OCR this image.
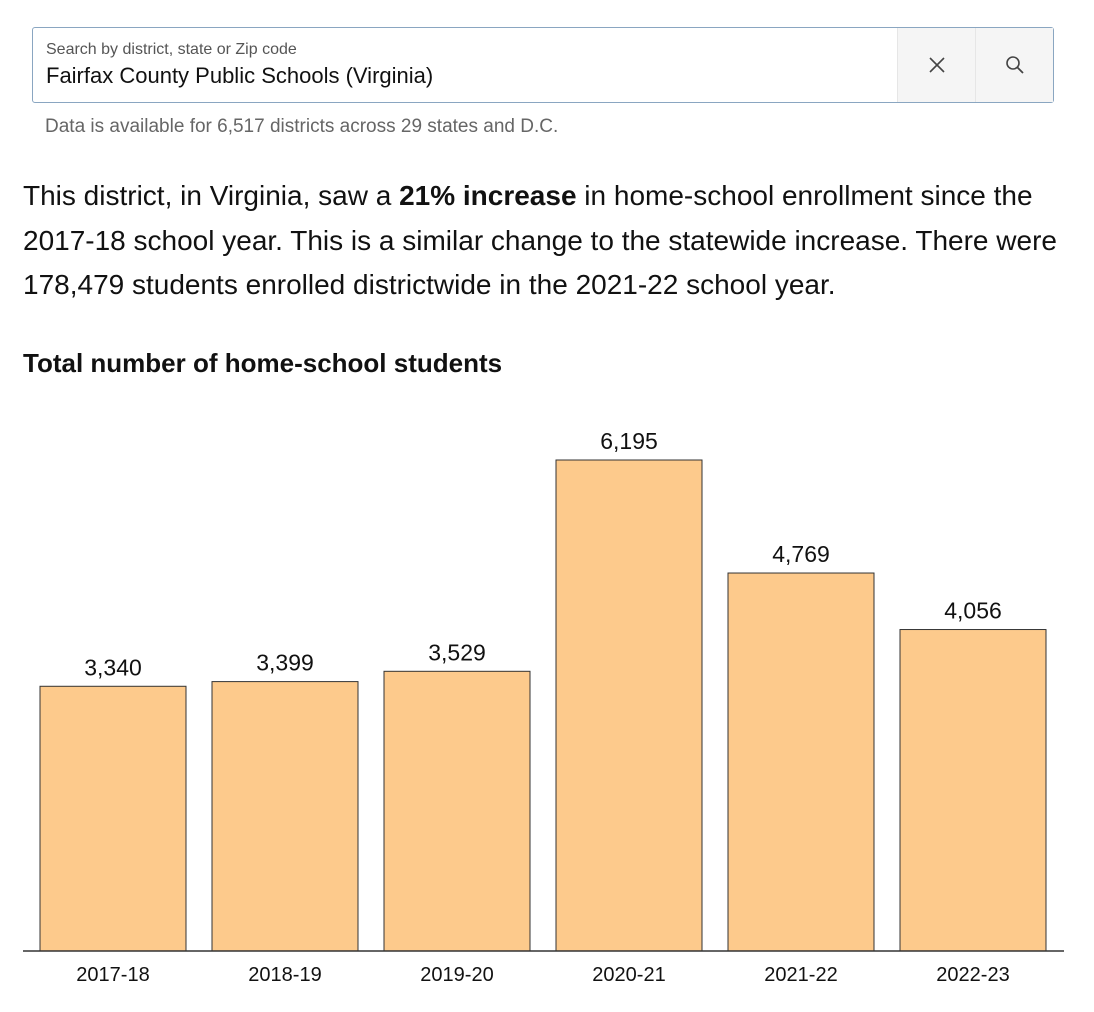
Search by district, state or Zip code
Fairfax County Public Schools (Virginia)
Data is available for 6,517 districts across 29 states and D.C.
This district, in Virginia, saw a 21% increase in home-school enrollment since the 2017-18 school year. This is a similar change to the statewide increase. There were 178,479 students enrolled districtwide in the 2021-22 school year.
Total number of home-school students
3,340
2017-18
3,399
2018-19
3,529
2019-20
6,195
2020-21
4,769
2021-22
4,056
2022-23
